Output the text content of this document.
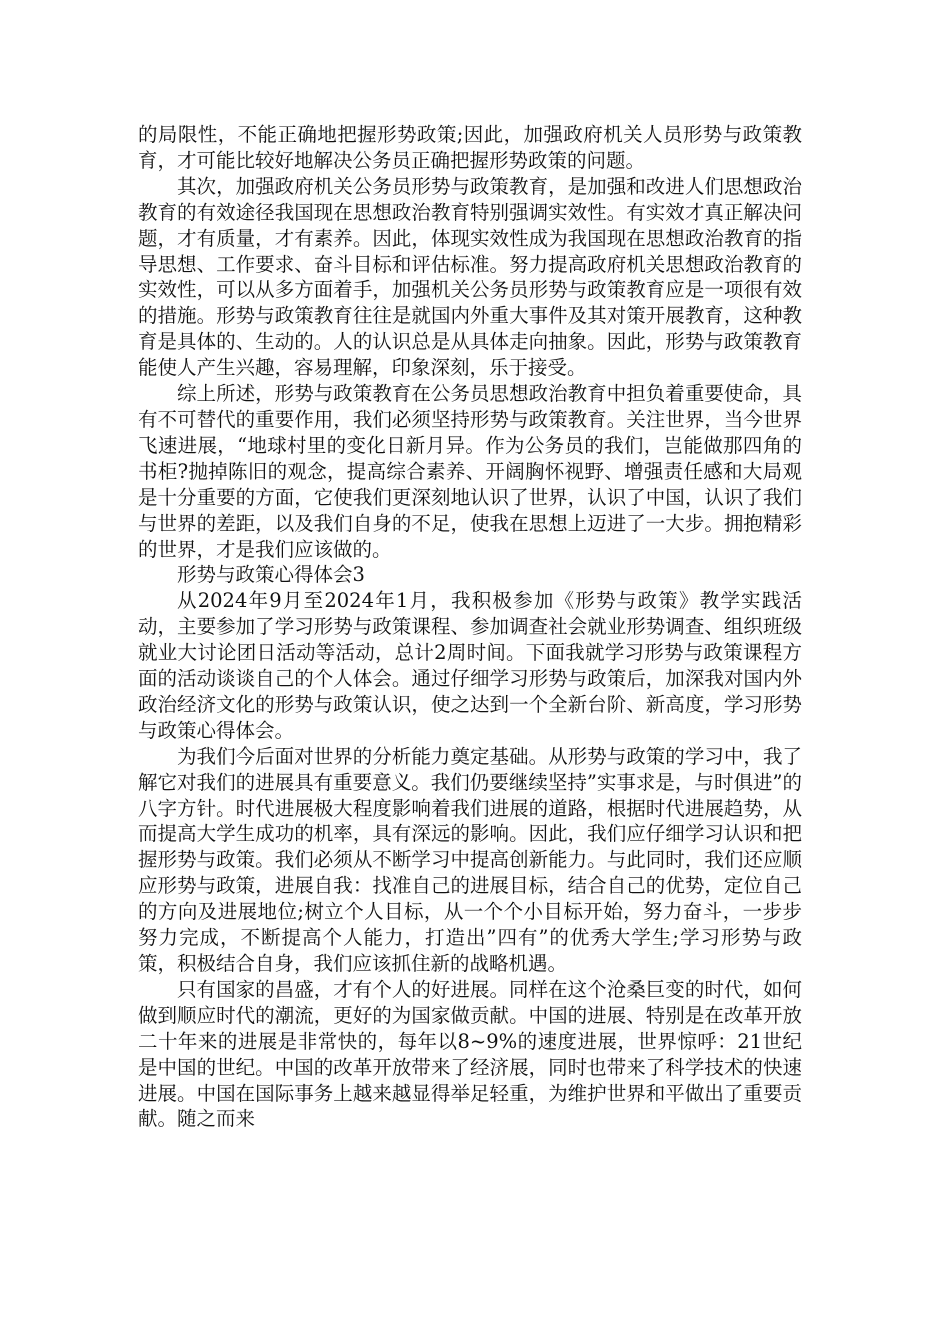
的局限性，不能正确地把握形势政策;因此，加强政府机关人员形势与政策教育，才可能比较好地解决公务员正确把握形势政策的问题。

其次，加强政府机关公务员形势与政策教育，是加强和改进人们思想政治教育的有效途径我国现在思想政治教育特别强调实效性。有实效才真正解决问题，才有质量，才有素养。因此，体现实效性成为我国现在思想政治教育的指导思想、工作要求、奋斗目标和评估标准。努力提高政府机关思想政治教育的实效性，可以从多方面着手，加强机关公务员形势与政策教育应是一项很有效的措施。形势与政策教育往往是就国内外重大事件及其对策开展教育，这种教育是具体的、生动的。人的认识总是从具体走向抽象。因此，形势与政策教育能使人产生兴趣，容易理解，印象深刻，乐于接受。

综上所述，形势与政策教育在公务员思想政治教育中担负着重要使命，具有不可替代的重要作用，我们必须坚持形势与政策教育。关注世界，当今世界飞速进展，“地球村里的变化日新月异。作为公务员的我们，岂能做那四角的书柜?抛掉陈旧的观念，提高综合素养、开阔胸怀视野、增强责任感和大局观是十分重要的方面，它使我们更深刻地认识了世界，认识了中国，认识了我们与世界的差距，以及我们自身的不足，使我在思想上迈进了一大步。拥抱精彩的世界，才是我们应该做的。

形势与政策心得体会3

从2024年9月至2024年1月，我积极参加《形势与政策》教学实践活动，主要参加了学习形势与政策课程、参加调查社会就业形势调查、组织班级就业大讨论团日活动等活动，总计2周时间。下面我就学习形势与政策课程方面的活动谈谈自己的个人体会。通过仔细学习形势与政策后，加深我对国内外政治经济文化的形势与政策认识，使之达到一个全新台阶、新高度，学习形势与政策心得体会。

为我们今后面对世界的分析能力奠定基础。从形势与政策的学习中，我了解它对我们的进展具有重要意义。我们仍要继续坚持”实事求是，与时俱进”的八字方针。时代进展极大程度影响着我们进展的道路，根据时代进展趋势，从而提高大学生成功的机率，具有深远的影响。因此，我们应仔细学习认识和把握形势与政策。我们必须从不断学习中提高创新能力。与此同时，我们还应顺应形势与政策，进展自我：找准自己的进展目标，结合自己的优势，定位自己的方向及进展地位;树立个人目标，从一个个小目标开始，努力奋斗，一步步努力完成，不断提高个人能力，打造出”四有”的优秀大学生;学习形势与政策，积极结合自身，我们应该抓住新的战略机遇。

只有国家的昌盛，才有个人的好进展。同样在这个沧桑巨变的时代，如何做到顺应时代的潮流，更好的为国家做贡献。中国的进展、特别是在改革开放二十年来的进展是非常快的，每年以8~9%的速度进展，世界惊呼：21世纪是中国的世纪。中国的改革开放带来了经济展，同时也带来了科学技术的快速进展。中国在国际事务上越来越显得举足轻重，为维护世界和平做出了重要贡献。随之而来
